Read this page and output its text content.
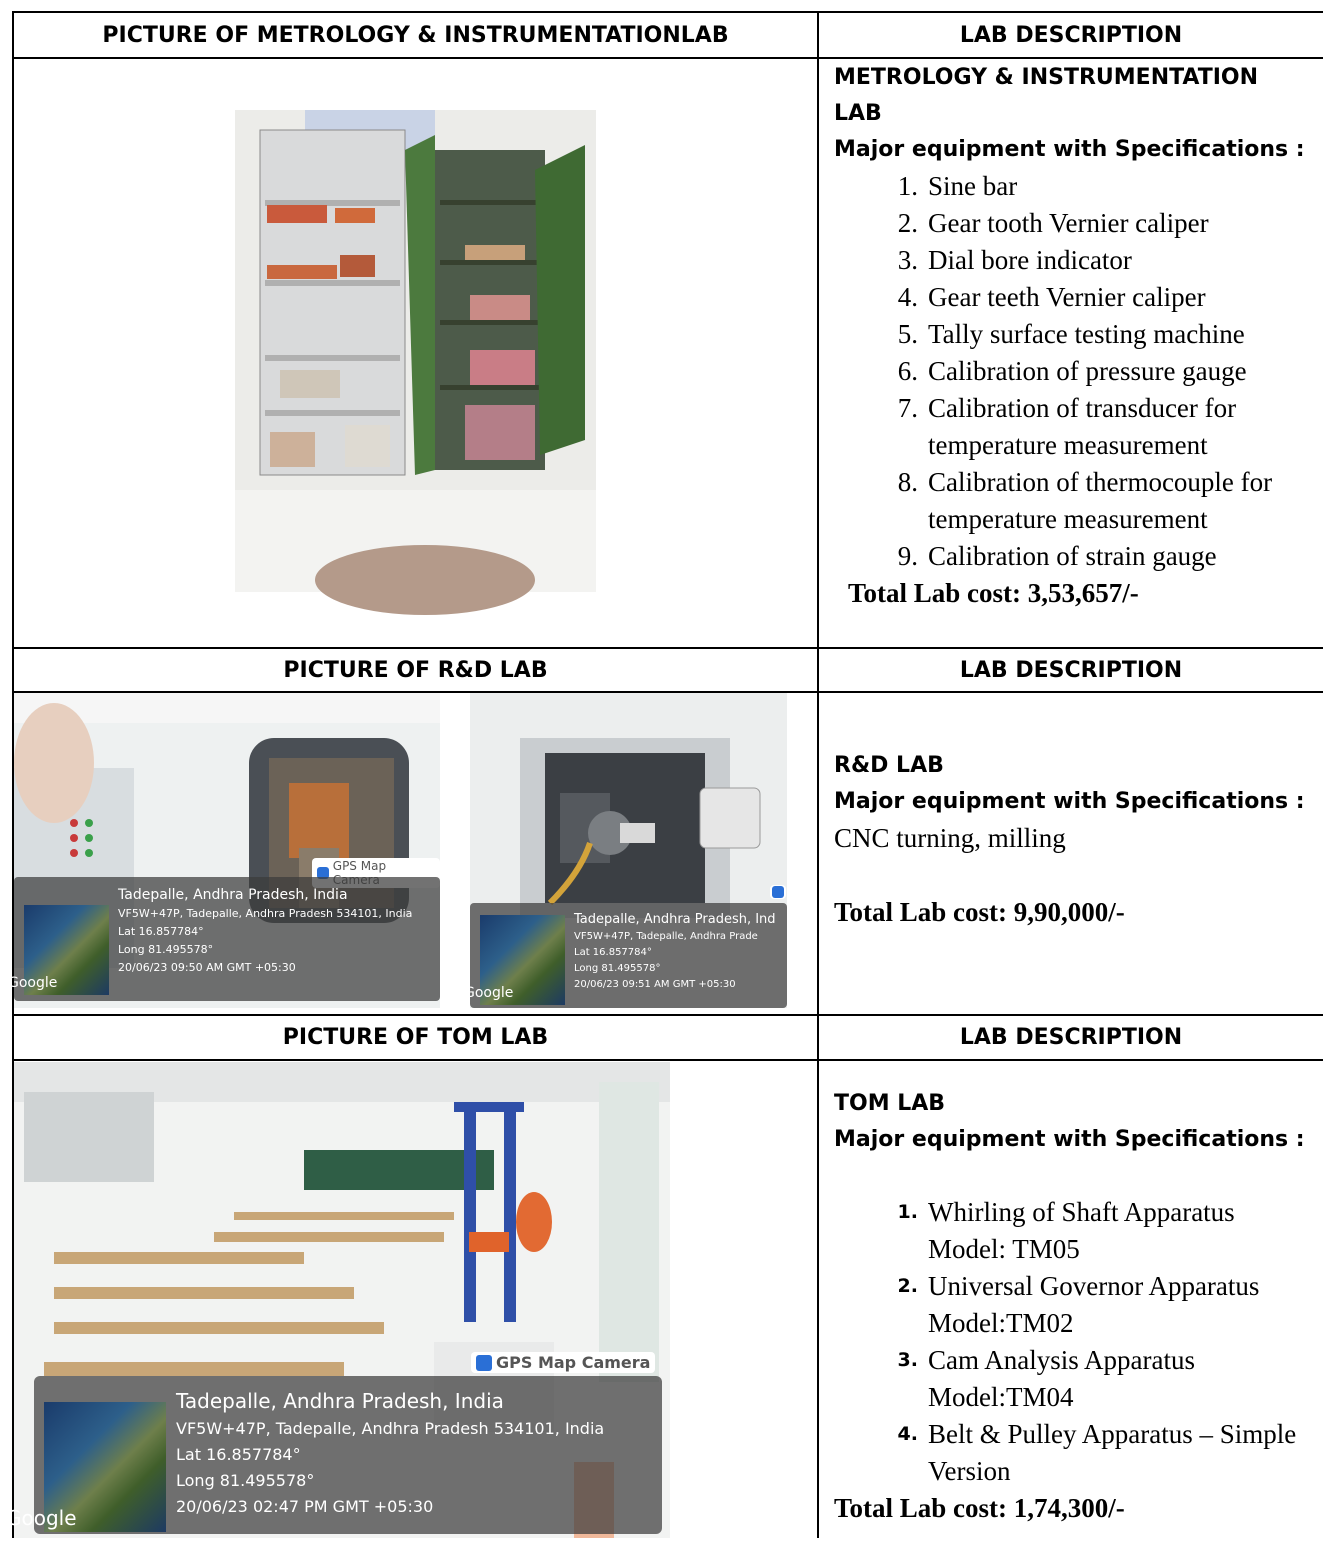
PICTURE OF METROLOGY & INSTRUMENTATIONLAB	LAB DESCRIPTION
METROLOGY & INSTRUMENTATION LAB
Major equipment with Specifications :
1. Sine bar
2. Gear tooth Vernier caliper
3. Dial bore indicator
4. Gear teeth Vernier caliper
5. Tally surface testing machine
6. Calibration of pressure gauge
7. Calibration of transducer for temperature measurement
8. Calibration of thermocouple for temperature measurement
9. Calibration of strain gauge
Total Lab cost: 3,53,657/-
PICTURE OF R&D LAB	LAB DESCRIPTION
GPS Map
Google
Tadepalle, Andhra Pradesh, India
VF5W+47P, Tadepalle, Andhra Pradesh 534101, India
Lat 16.857784°
Long 81.495578°
20/06/23 09:50 AM GMT +05:30
Google
Tadepalle, Andhra Pradesh, Ind
VF5W+47P, Tadepalle, Andhra Prade
Lat 16.857784°
Long 81.495578°
20/06/23 09:51 AM GMT +05:30
R&D LAB
Major equipment with Specifications :
CNC turning, milling
Total Lab cost: 9,90,000/-
PICTURE OF TOM LAB	LAB DESCRIPTION
GPS Map Camera
Google
Tadepalle, Andhra Pradesh, India
VF5W+47P, Tadepalle, Andhra Pradesh 534101, India
Lat 16.857784°
Long 81.495578°
20/06/23 02:47 PM GMT +05:30
TOM LAB
Major equipment with Specifications :
1. Whirling of Shaft Apparatus Model: TM05
2. Universal Governor Apparatus Model:TM02
3. Cam Analysis Apparatus Model:TM04
4. Belt & Pulley Apparatus – Simple Version
Total Lab cost: 1,74,300/-
